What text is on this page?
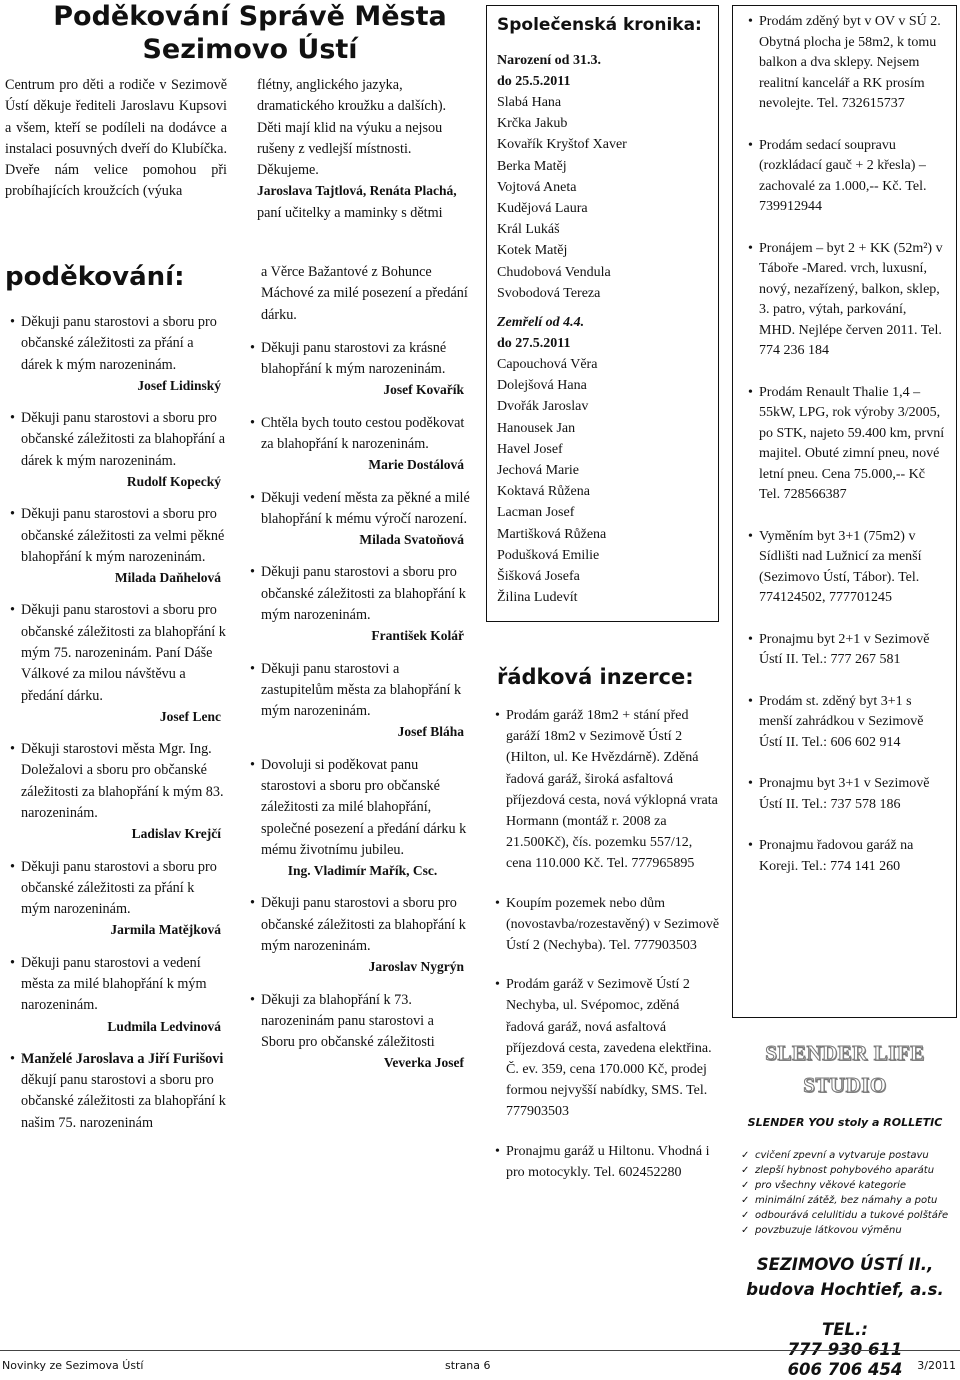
Poděkování Správě Města
Sezimovo Ústí
Centrum pro děti a rodiče v Sezimově Ústí děkuje řediteli Jaroslavu Kupsovi a všem, kteří se podíleli na dodávce a instalaci posuvných dveří do Klubíčka. Dveře nám velice pomohou při probíhajících kroužcích (výuka
flétny, anglického jazyka, dramatického kroužku a dalších). Děti mají klid na výuku a nejsou rušeny z vedlejší místnosti. Děkujeme.
Jaroslava Tajtlová, Renáta Plachá, paní učitelky a maminky s dětmi
poděkování:
• Děkuji panu starostovi a sboru pro občanské záležitosti za přání a dárek k mým narozeninám.
Josef Lidinský
• Děkuji panu starostovi a sboru pro občanské záležitosti za blahopřání a dárek k mým narozeninám.
Rudolf Kopecký
• Děkuji panu starostovi a sboru pro občanské záležitosti za velmi pěkné blahopřání k mým narozeninám.
Milada Daňhelová
• Děkuji panu starostovi a sboru pro občanské záležitosti za blahopřání k mým 75. narozeninám. Paní Dáše Válkové za milou návštěvu a předání dárku.
Josef Lenc
• Děkuji starostovi města Mgr. Ing. Doležalovi a sboru pro občanské záležitosti za blahopřání k mým 83. narozeninám.
Ladislav Krejčí
• Děkuji panu starostovi a sboru pro občanské záležitosti za přání k mým narozeninám.
Jarmila Matějková
• Děkuji panu starostovi a vedení města za milé blahopřání k mým narozeninám.
Ludmila Ledvinová
• Manželé Jaroslava a Jiří Furišovi děkují panu starostovi a sboru pro občanské záležitosti za blahopřání k našim 75. narozeninám
a Věrce Bažantové z Bohunce Máchové za milé posezení a předání dárku.
• Děkuji panu starostovi za krásné blahopřání k mým narozeninám.
Josef Kovařík
• Chtěla bych touto cestou poděkovat za blahopřání k narozeninám.
Marie Dostálová
• Děkuji vedení města za pěkné a milé blahopřání k mému výročí narození.
Milada Svatoňová
• Děkuji panu starostovi a sboru pro občanské záležitosti za blahopřání k mým narozeninám.
František Kolář
• Děkuji panu starostovi a zastupitelům města za blahopřání k mým narozeninám.
Josef Bláha
• Dovoluji si poděkovat panu starostovi a sboru pro občanské záležitosti za milé blahopřání, společné posezení a předání dárku k mému životnímu jubileu.
Ing. Vladimír Mařík, Csc.
• Děkuji panu starostovi a sboru pro občanské záležitosti za blahopřání k mým narozeninám.
Jaroslav Nygrýn
• Děkuji za blahopřání k 73. narozeninám panu starostovi a Sboru pro občanské záležitosti
Veverka Josef
Společenská kronika:
Narození od 31.3.
do 25.5.2011
Slabá Hana
Krčka Jakub
Kovařík Kryštof Xaver
Berka Matěj
Vojtová Aneta
Kudějová Laura
Král Lukáš
Kotek Matěj
Chudobová Vendula
Svobodová Tereza
Zemřelí od 4.4.
do 27.5.2011
Capouchová Věra
Dolejšová Hana
Dvořák Jaroslav
Hanousek Jan
Havel Josef
Jechová Marie
Koktavá Růžena
Lacman Josef
Martišková Růžena
Podušková Emilie
Šišková Josefa
Žilina Ludevít
řádková inzerce:
• Prodám garáž 18m2 + stání před garáží 18m2 v Sezimově Ústí 2 (Hilton, ul. Ke Hvězdárně). Zděná řadová garáž, široká asfaltová příjezdová cesta, nová výklopná vrata Hormann (montáž r. 2008 za 21.500Kč), čís. pozemku 557/12, cena 110.000 Kč. Tel. 777965895
• Koupím pozemek nebo dům (novostavba/rozestavěný) v Sezimově Ústí 2 (Nechyba). Tel. 777903503
• Prodám garáž v Sezimově Ústí 2 Nechyba, ul. Svépomoc, zděná řadová garáž, nová asfaltová příjezdová cesta, zavedena elektřina. Č. ev. 359, cena 170.000 Kč, prodej formou nejvyšší nabídky, SMS. Tel. 777903503
• Pronajmu garáž u Hiltonu. Vhodná i pro motocykly. Tel. 602452280
• Prodám zděný byt v OV v SÚ 2. Obytná plocha je 58m2, k tomu balkon a dva sklepy. Nejsem realitní kancelář a RK prosím nevolejte. Tel. 732615737
• Prodám sedací soupravu (rozkládací gauč + 2 křesla) – zachovalé za 1.000,-- Kč. Tel. 739912944
• Pronájem – byt 2 + KK (52m²) v Táboře -Mared. vrch, luxusní, nový, nezařízený, balkon, sklep, 3. patro, výtah, parkování, MHD. Nejlépe červen 2011. Tel. 774 236 184
• Prodám Renault Thalie 1,4 – 55kW, LPG, rok výroby 3/2005, po STK, najeto 59.400 km, první majitel. Obuté zimní pneu, nové letní pneu. Cena 75.000,-- Kč Tel. 728566387
• Vyměním byt 3+1 (75m2) v Sídlišti nad Lužnicí za menší (Sezimovo Ústí, Tábor). Tel. 774124502, 777701245
• Pronajmu byt 2+1 v Sezimově Ústí II. Tel.: 777 267 581
• Prodám st. zděný byt 3+1 s menší zahrádkou v Sezimově Ústí II. Tel.: 606 602 914
• Pronajmu byt 3+1 v Sezimově Ústí II. Tel.: 737 578 186
• Pronajmu řadovou garáž na Koreji. Tel.: 774 141 260
SLENDER LIFE STUDIO
SLENDER YOU stoly a ROLLETIC
✓ cvičení zpevní a vytvaruje postavu
✓ zlepší hybnost pohybového aparátu
✓ pro všechny věkové kategorie
✓ minimální zátěž, bez námahy a potu
✓ odbourává celulitidu a tukové polštáře
✓ povzbuzuje látkovou výměnu
SEZIMOVO ÚSTÍ II.,
budova Hochtief, a.s.
TEL.:
777 930 611
606 706 454
Novinky ze Sezimova Ústí	strana 6	3/2011
